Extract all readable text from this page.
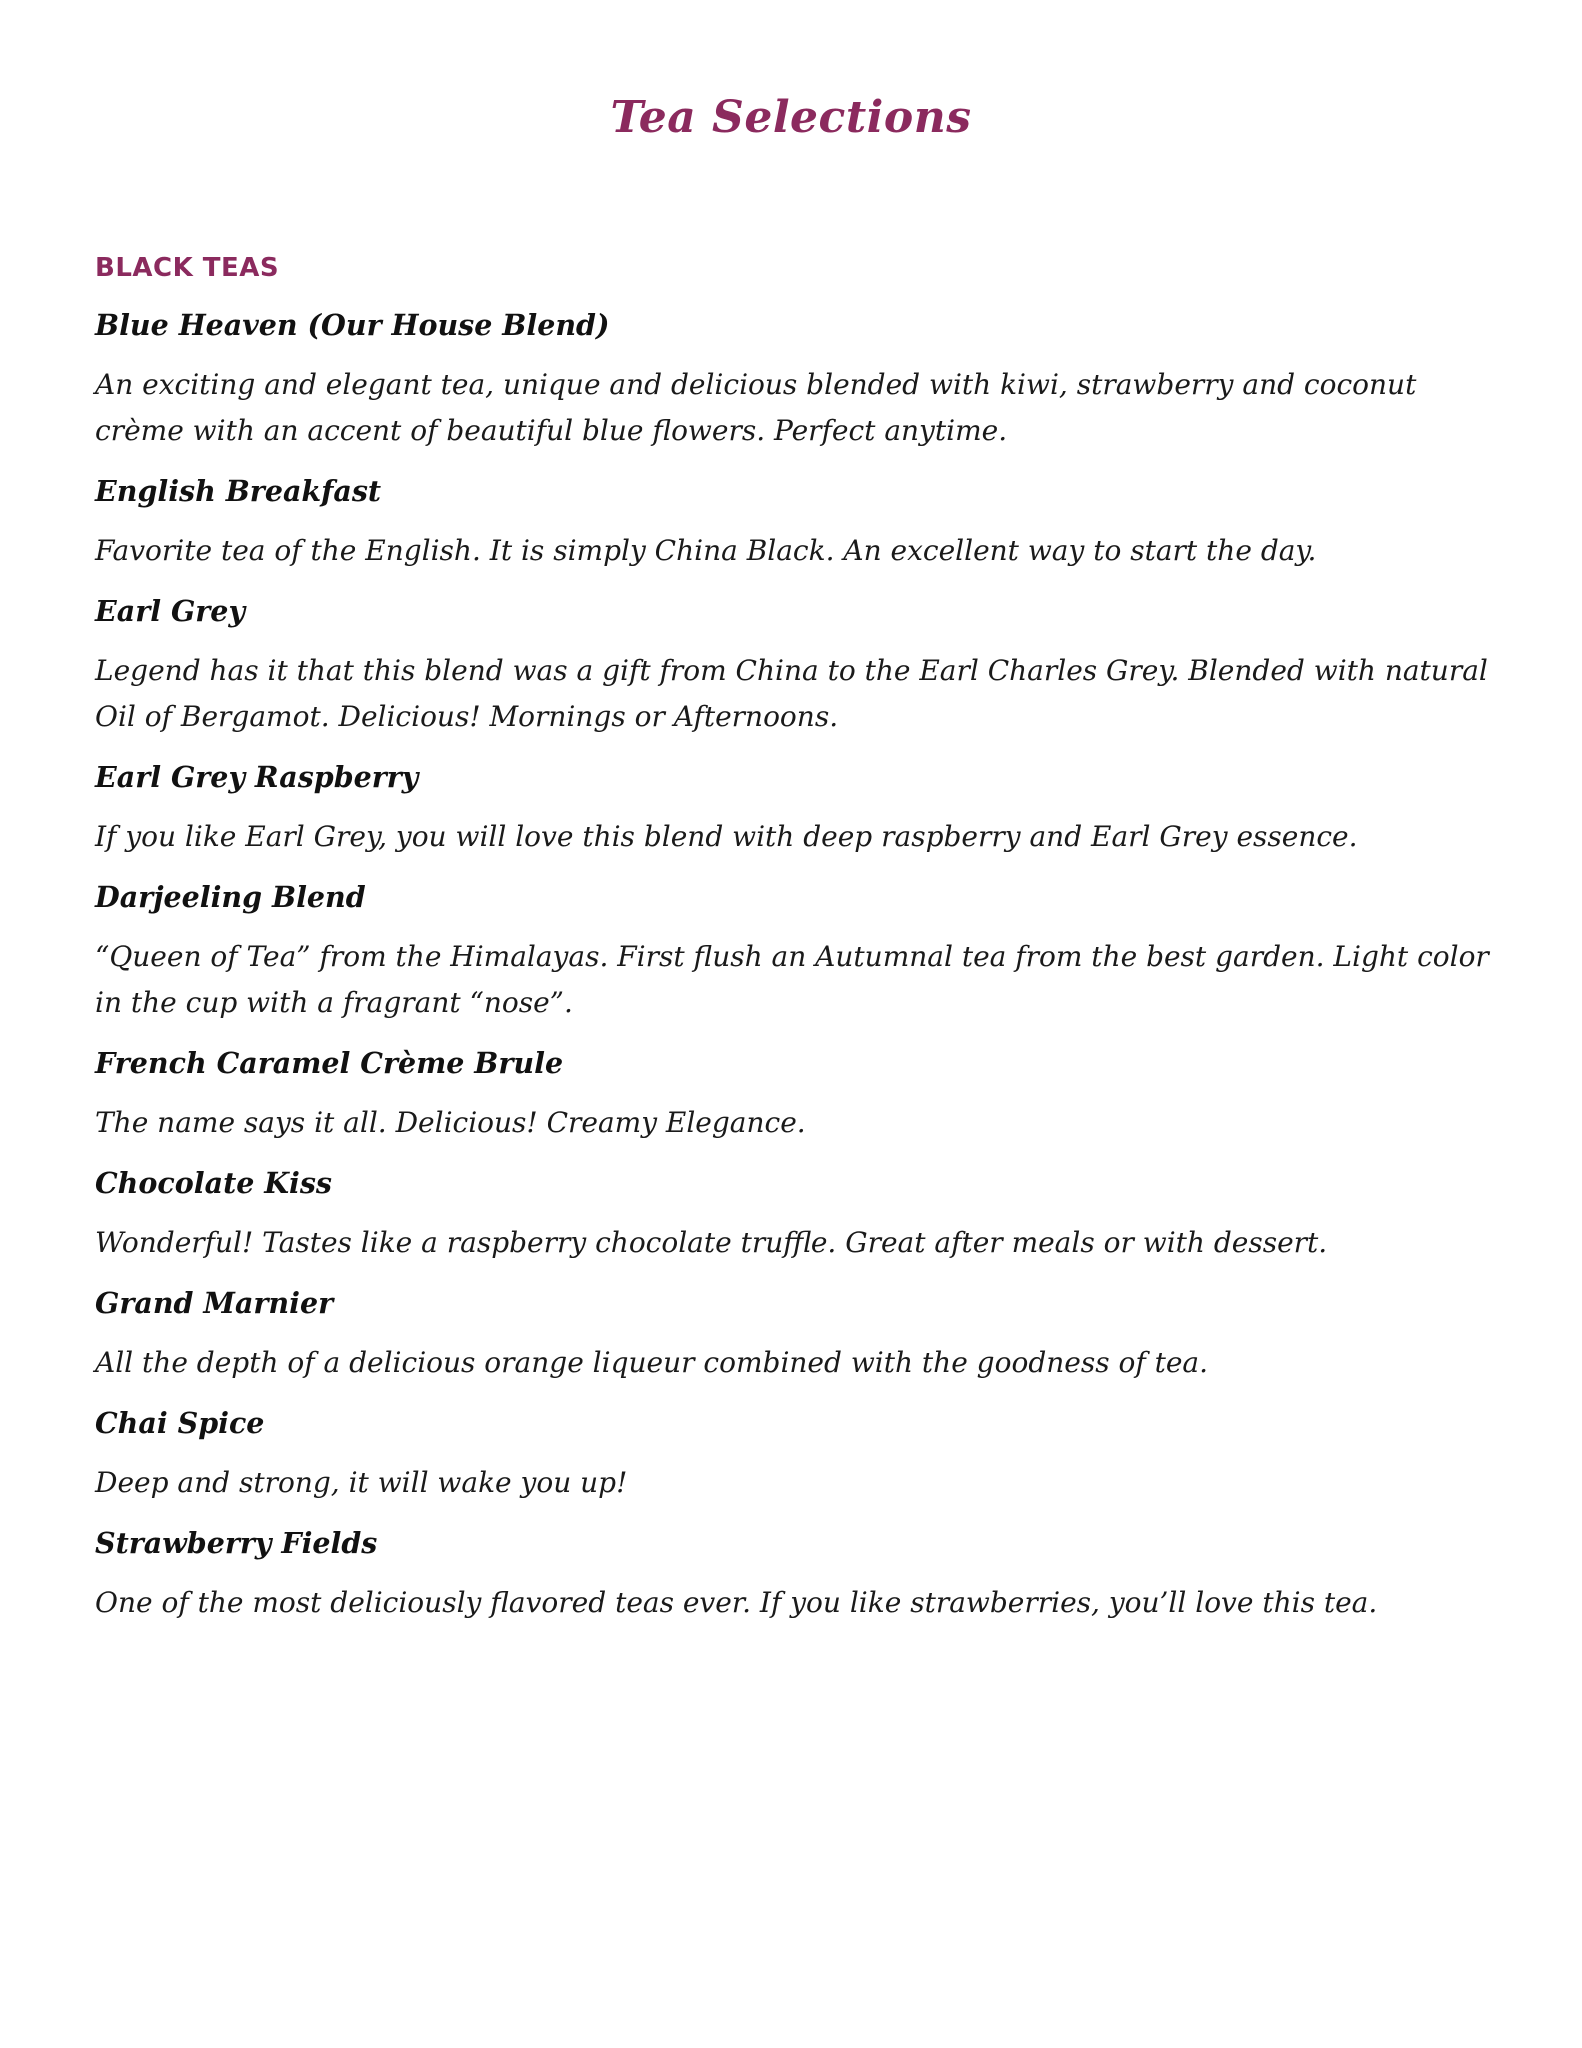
Tea Selections
BLACK TEAS
Blue Heaven (Our House Blend)
An exciting and elegant tea, unique and delicious blended with kiwi, strawberry and coconut crème with an accent of beautiful blue flowers. Perfect anytime.
English Breakfast
Favorite tea of the English. It is simply China Black. An excellent way to start the day.
Earl Grey
Legend has it that this blend was a gift from China to the Earl Charles Grey. Blended with natural Oil of Bergamot. Delicious! Mornings or Afternoons.
Earl Grey Raspberry
If you like Earl Grey, you will love this blend with deep raspberry and Earl Grey essence.
Darjeeling Blend
“Queen of Tea” from the Himalayas. First flush an Autumnal tea from the best garden. Light color in the cup with a fragrant “nose”.
French Caramel Crème Brule
The name says it all. Delicious! Creamy Elegance.
Chocolate Kiss
Wonderful! Tastes like a raspberry chocolate truffle. Great after meals or with dessert.
Grand Marnier
All the depth of a delicious orange liqueur combined with the goodness of tea.
Chai Spice
Deep and strong, it will wake you up!
Strawberry Fields
One of the most deliciously flavored teas ever. If you like strawberries, you’ll love this tea.
